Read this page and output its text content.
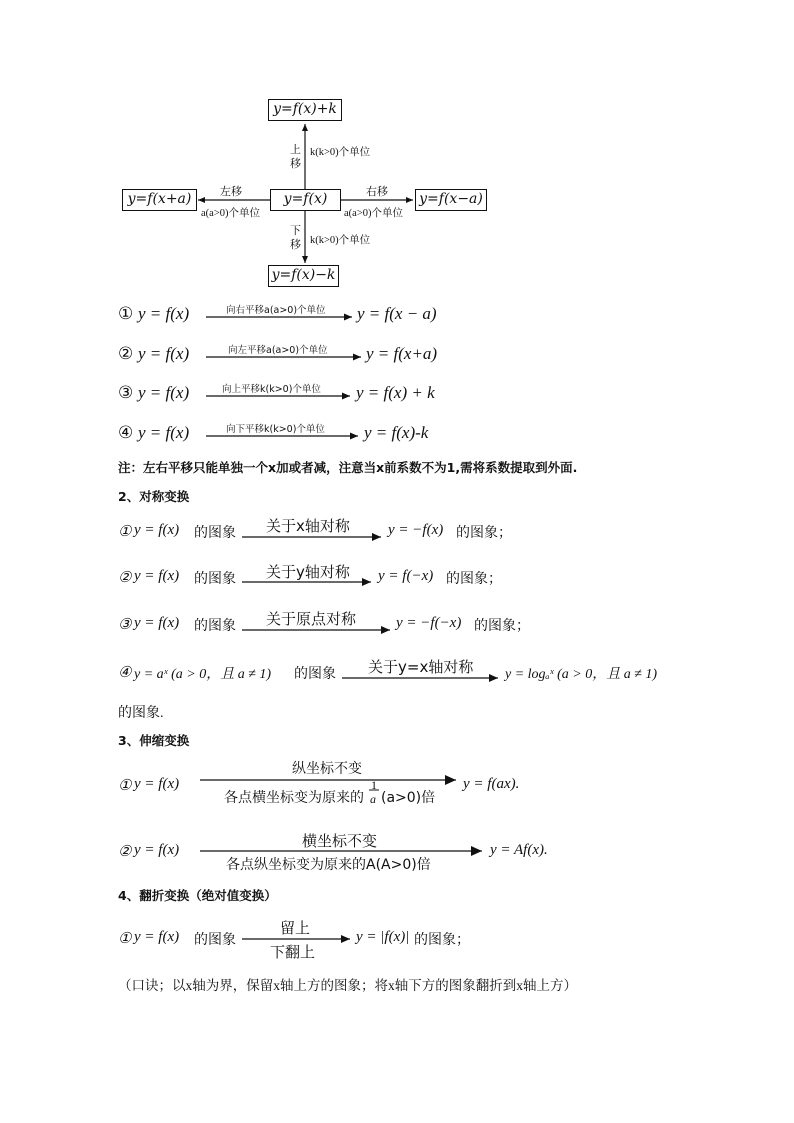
y=f(x)+k
y=f(x)
y=f(x+a)	y=f(x−a)
y=f(x)−k
上
移
k(k>0)个单位
下
移 k(k>0)个单位
左移
a(a>0)个单位
右移
a(a>0)个单位
① y = f(x)	向右平移a(a>0)个单位 y = f(x − a)
② y = f(x)	向左平移a(a>0)个单位 y = f(x+a)
③ y = f(x)	向上平移k(k>0)个单位 y = f(x) + k
④ y = f(x)	向下平移k(k>0)个单位 y = f(x)-k
注：左右平移只能单独一个x加或者减，注意当x前系数不为1,需将系数提取到外面.
2、对称变换
① y = f(x) 的图象 关于x轴对称	y = −f(x) 的图象；
② y = f(x) 的图象 关于y轴对称 y = f(−x) 的图象；
③ y = f(x) 的图象 关于原点对称	y = −f(−x) 的图象；
④ y = aˣ (a > 0，且 a ≠ 1) 的图象 关于y=x轴对称 y = logₐˣ (a > 0，且 a ≠ 1)
的图象.
3、伸缩变换
① y = f(x)
纵坐标不变
各点横坐标变为原来的
1
a (a>0)倍
y = f(ax).
② y = f(x)	横坐标不变
各点纵坐标变为原来的A(A>0)倍
y = Af(x).
4、翻折变换（绝对值变换）
① y = f(x) 的图象
留上
下翻上
y = |f(x)| 的图象；
（口诀；以x轴为界，保留x轴上方的图象；将x轴下方的图象翻折到x轴上方）
